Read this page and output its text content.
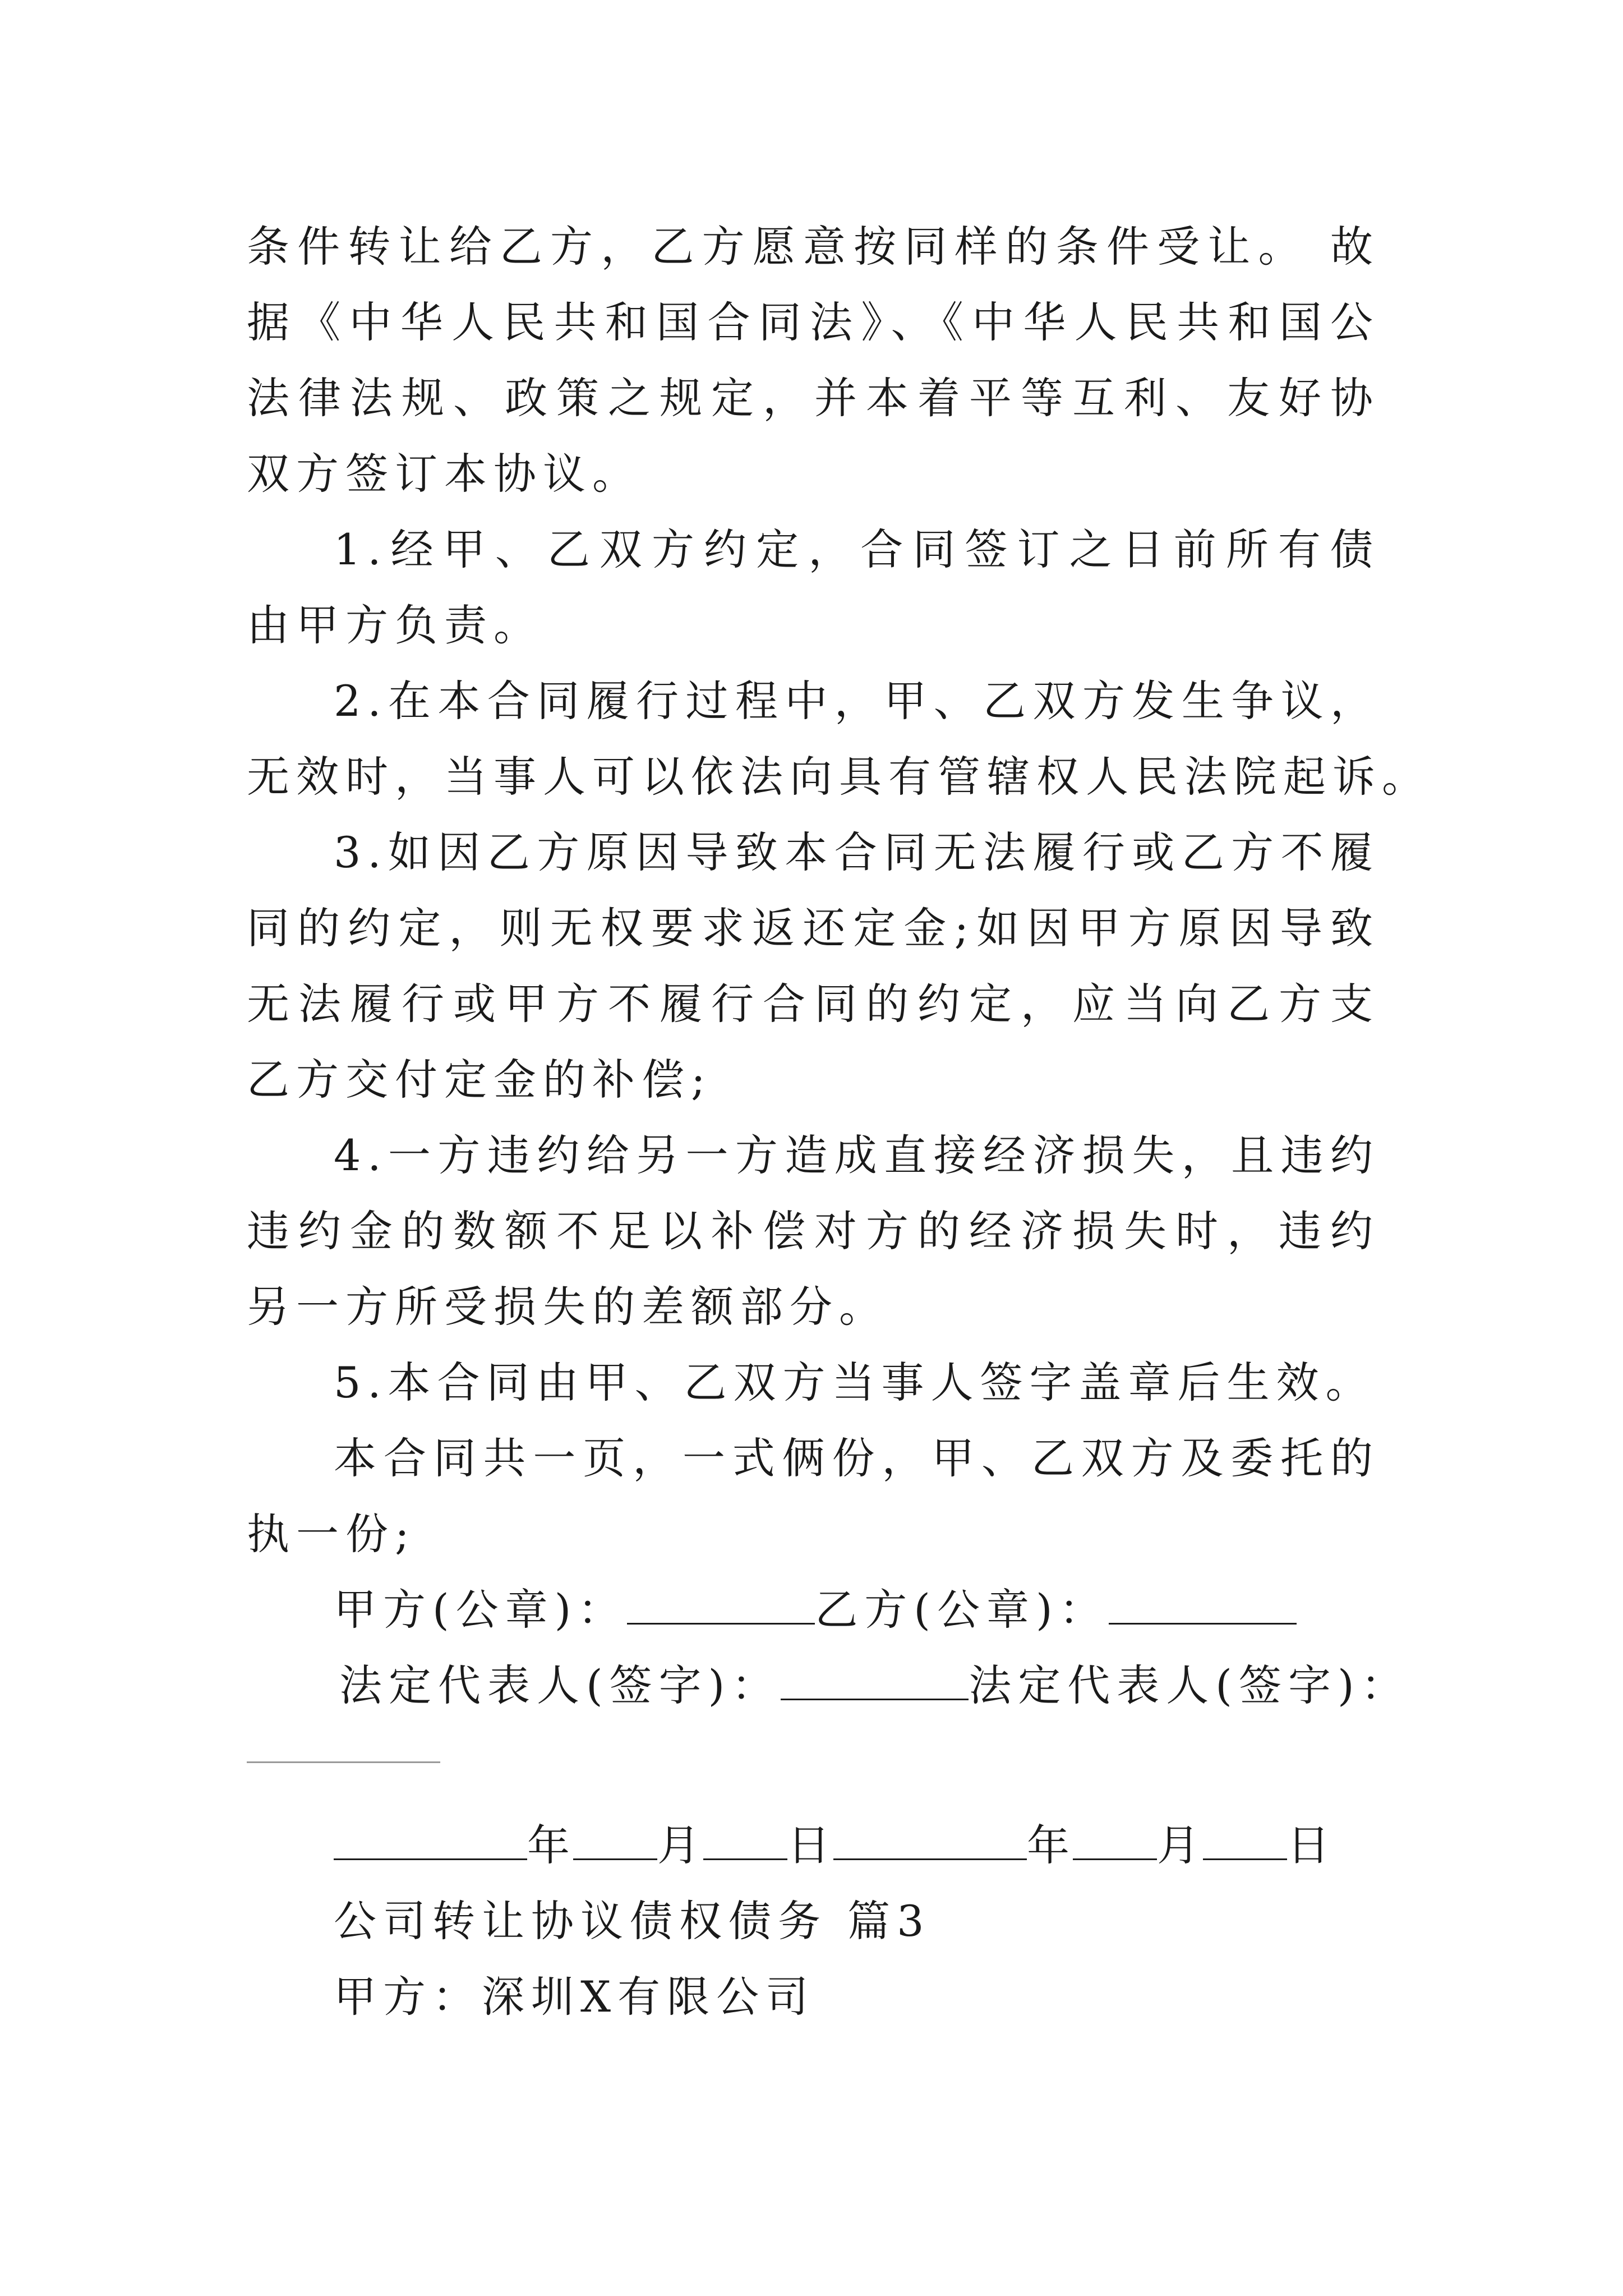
条件转让给乙方，乙方愿意按同样的条件受让。 故
据《中华人民共和国合同法》、《中华人民共和国公
法律法规、政策之规定，并本着平等互利、友好协
双方签订本协议。
1.经甲、乙双方约定，合同签订之日前所有债
由甲方负责。
2.在本合同履行过程中，甲、乙双方发生争议，
无效时，当事人可以依法向具有管辖权人民法院起诉。
3.如因乙方原因导致本合同无法履行或乙方不履
同的约定，则无权要求返还定金;如因甲方原因导致
无法履行或甲方不履行合同的约定，应当向乙方支
乙方交付定金的补偿;
4.一方违约给另一方造成直接经济损失，且违约
违约金的数额不足以补偿对方的经济损失时，违约
另一方所受损失的差额部分。
5.本合同由甲、乙双方当事人签字盖章后生效。
本合同共一页，一式俩份，甲、乙双方及委托的
执一份;
甲方(公章)：	乙方(公章)：
法定代表人(签字)：	法定代表人(签字)：
年 月 日	年 月 日
公司转让协议债权债务 篇3
甲方：深圳X有限公司
